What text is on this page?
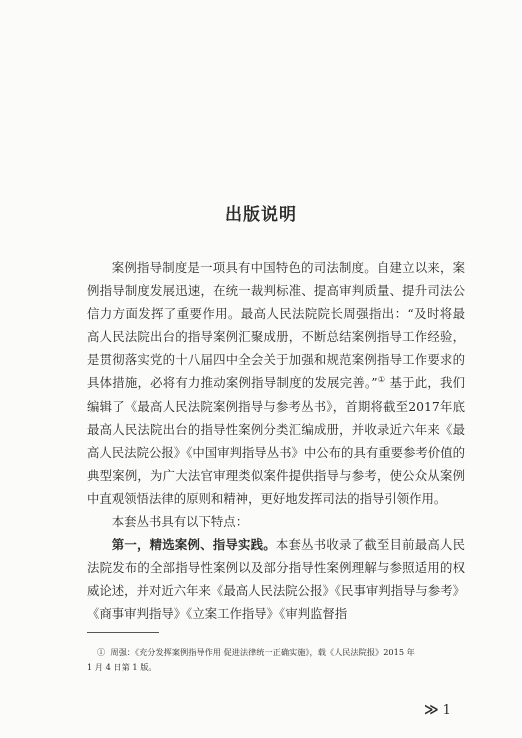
出版说明

案例指导制度是一项具有中国特色的司法制度。自建立以来，案例指导制度发展迅速，在统一裁判标准、提高审判质量、提升司法公信力方面发挥了重要作用。最高人民法院院长周强指出：“及时将最高人民法院出台的指导案例汇聚成册，不断总结案例指导工作经验，是贯彻落实党的十八届四中全会关于加强和规范案例指导工作要求的具体措施，必将有力推动案例指导制度的发展完善。”① 基于此，我们编辑了《最高人民法院案例指导与参考丛书》，首期将截至2017年底最高人民法院出台的指导性案例分类汇编成册，并收录近六年来《最高人民法院公报》《中国审判指导丛书》中公布的具有重要参考价值的典型案例，为广大法官审理类似案件提供指导与参考，使公众从案例中直观领悟法律的原则和精神，更好地发挥司法的指导引领作用。

本套丛书具有以下特点：

第一，精选案例、指导实践。本套丛书收录了截至目前最高人民法院发布的全部指导性案例以及部分指导性案例理解与参照适用的权威论述，并对近六年来《最高人民法院公报》《民事审判指导与参考》《商事审判指导》《立案工作指导》《审判监督指

① 周强：《充分发挥案例指导作用 促进法律统一正确实施》，载《人民法院报》2015 年
1 月 4 日第 1 版。
≫ 1
